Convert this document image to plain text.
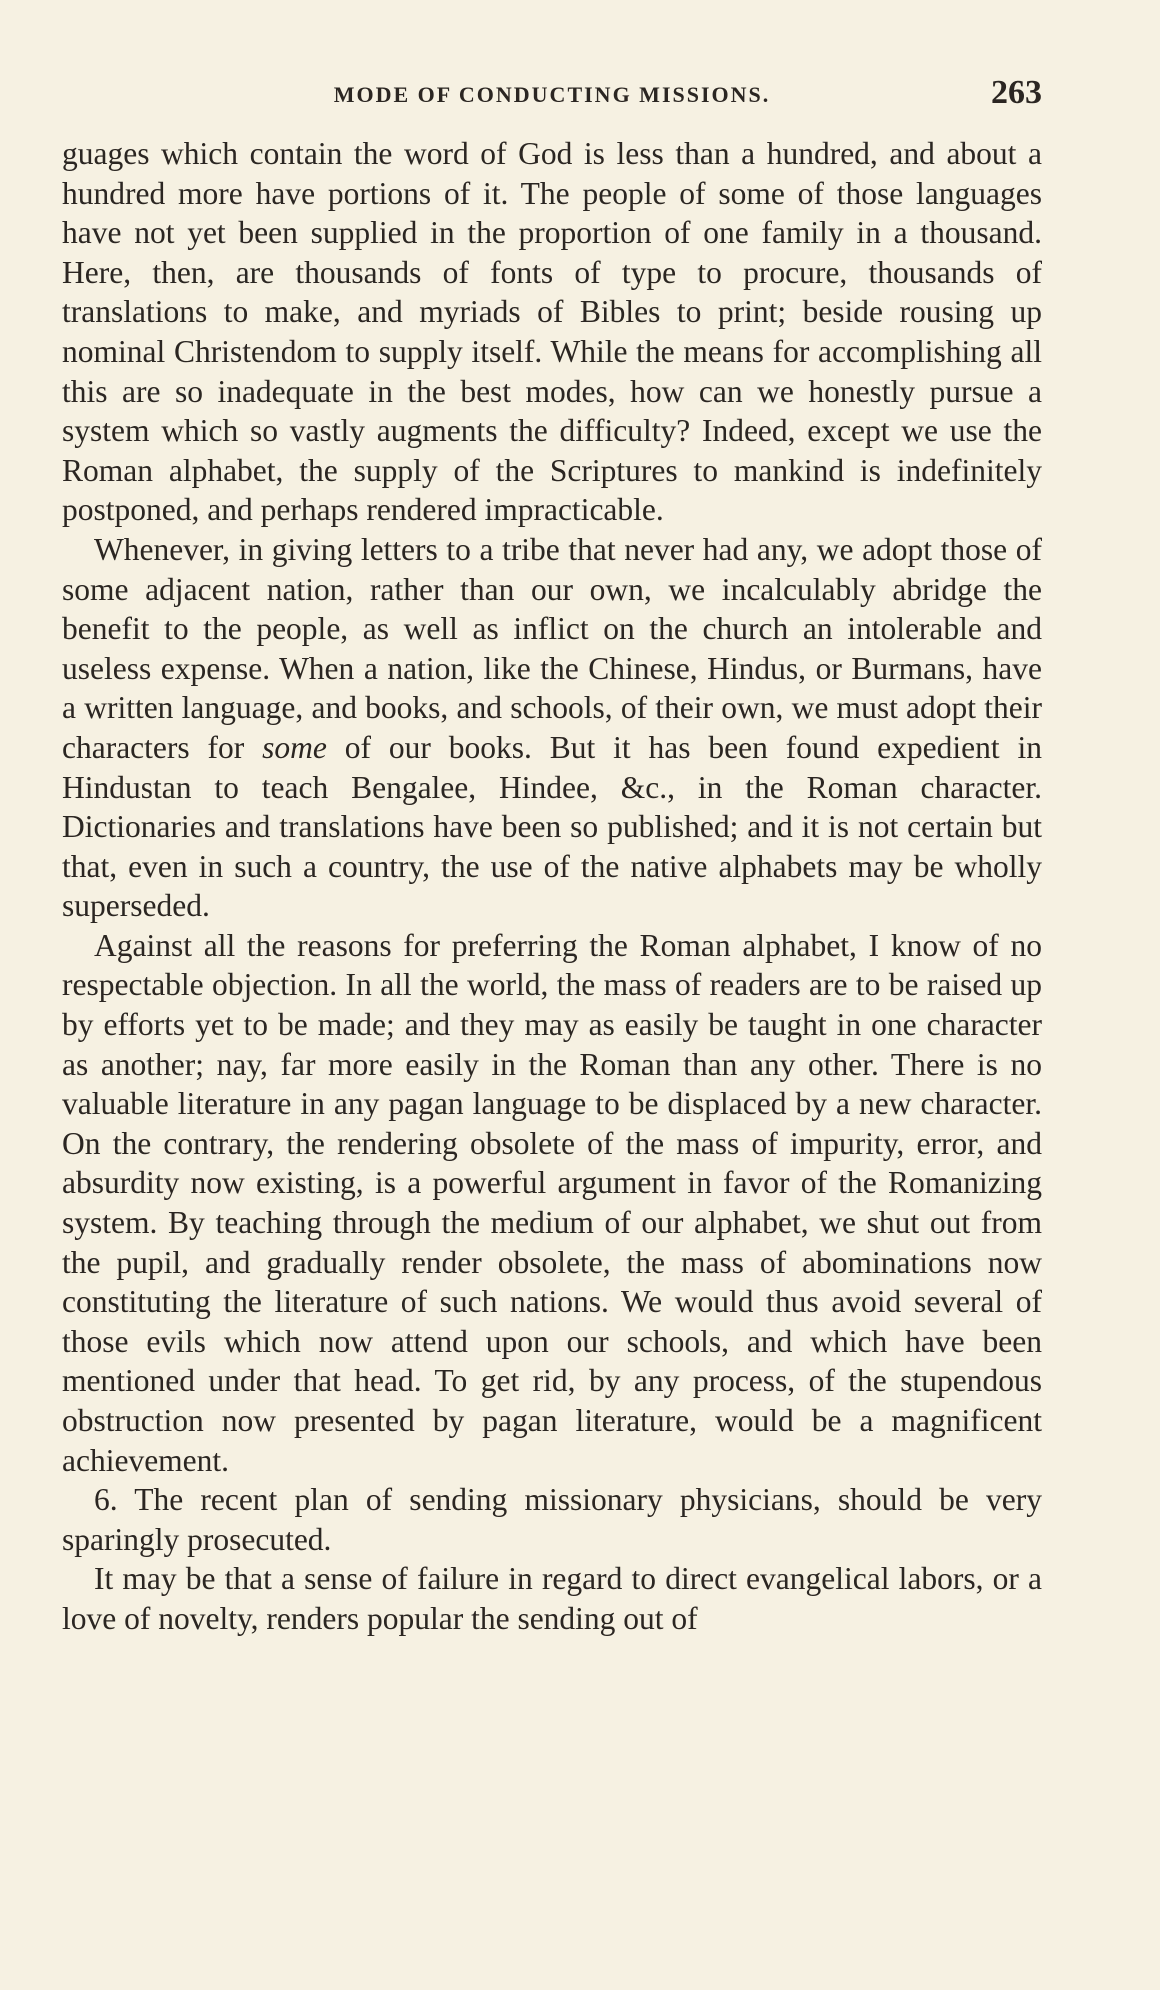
MODE OF CONDUCTING MISSIONS.	263

guages which contain the word of God is less than a hundred, and about a hundred more have portions of it. The people of some of those languages have not yet been supplied in the proportion of one family in a thousand. Here, then, are thousands of fonts of type to procure, thousands of translations to make, and myriads of Bibles to print; beside rousing up nominal Christendom to supply itself. While the means for accomplishing all this are so inadequate in the best modes, how can we honestly pursue a system which so vastly augments the difficulty? Indeed, except we use the Roman alphabet, the supply of the Scriptures to mankind is indefinitely postponed, and perhaps rendered impracticable.

Whenever, in giving letters to a tribe that never had any, we adopt those of some adjacent nation, rather than our own, we incalculably abridge the benefit to the people, as well as inflict on the church an intolerable and useless expense. When a nation, like the Chinese, Hindus, or Burmans, have a written language, and books, and schools, of their own, we must adopt their characters for some of our books. But it has been found expedient in Hindustan to teach Bengalee, Hindee, &c., in the Roman character. Dictionaries and translations have been so published; and it is not certain but that, even in such a country, the use of the native alphabets may be wholly superseded.

Against all the reasons for preferring the Roman alphabet, I know of no respectable objection. In all the world, the mass of readers are to be raised up by efforts yet to be made; and they may as easily be taught in one character as another; nay, far more easily in the Roman than any other. There is no valuable literature in any pagan language to be displaced by a new character. On the contrary, the rendering obsolete of the mass of impurity, error, and absurdity now existing, is a powerful argument in favor of the Romanizing system. By teaching through the medium of our alphabet, we shut out from the pupil, and gradually render obsolete, the mass of abominations now constituting the literature of such nations. We would thus avoid several of those evils which now attend upon our schools, and which have been mentioned under that head. To get rid, by any process, of the stupendous obstruction now presented by pagan literature, would be a magnificent achievement.

6. The recent plan of sending missionary physicians, should be very sparingly prosecuted.

It may be that a sense of failure in regard to direct evangelical labors, or a love of novelty, renders popular the sending out of
